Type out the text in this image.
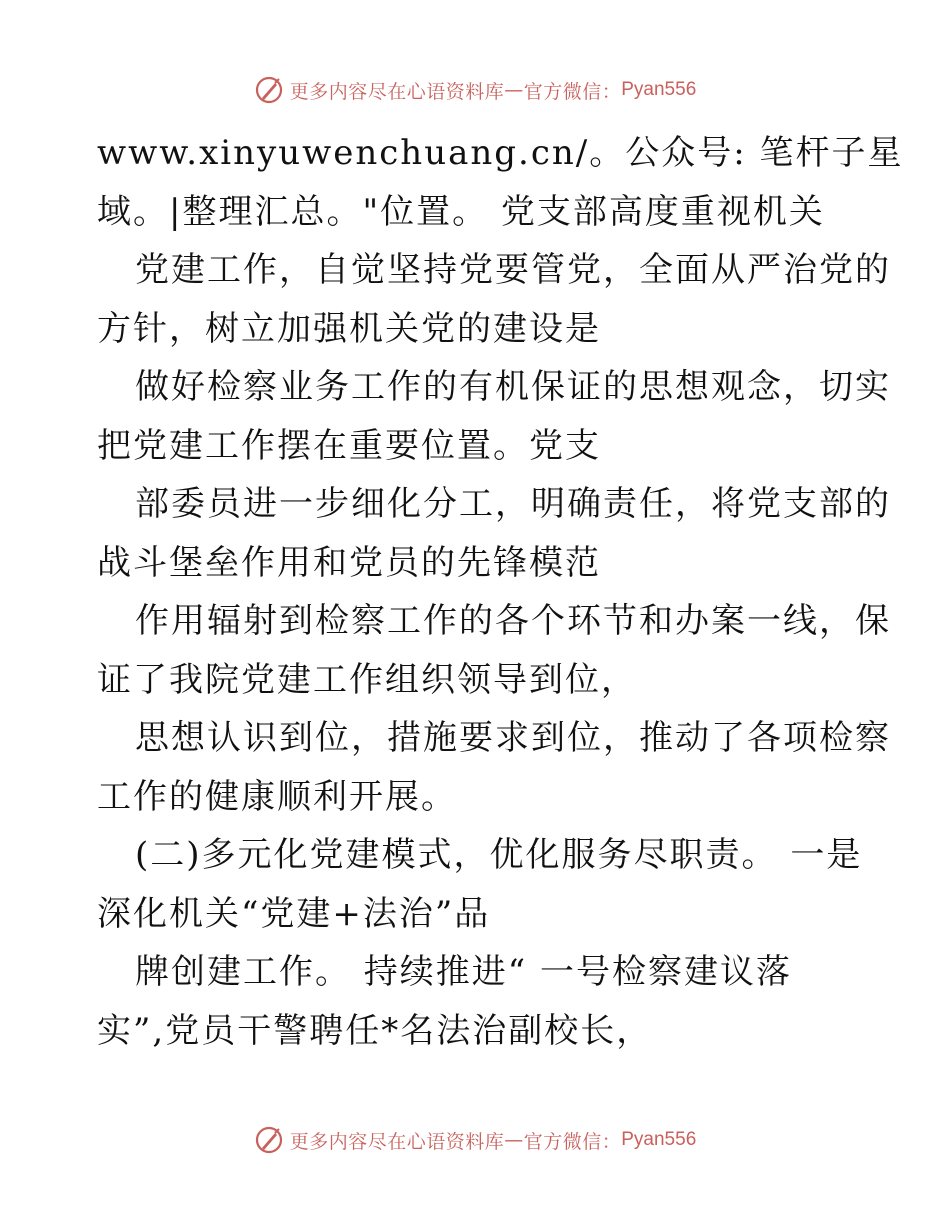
更多内容尽在心语资料库 — 官方微信： Pyan556
www.xinyuwenchuang.cn/。公众号: 笔杆子星
域。|整理汇总。"位置。 党支部高度重视机关
党建工作，自觉坚持党要管党，全面从严治党的
方针，树立加强机关党的建设是
做好检察业务工作的有机保证的思想观念，切实
把党建工作摆在重要位置。党支
部委员进一步细化分工，明确责任，将党支部的
战斗堡垒作用和党员的先锋模范
作用辐射到检察工作的各个环节和办案一线，保
证了我院党建工作组织领导到位，
思想认识到位，措施要求到位，推动了各项检察
工作的健康顺利开展。
(二)多元化党建模式，优化服务尽职责。 一是
深化机关“党建+法治”品
牌创建工作。 持续推进“ 一号检察建议落
实”,党员干警聘任*名法治副校长，
更多内容尽在心语资料库 — 官方微信： Pyan556
